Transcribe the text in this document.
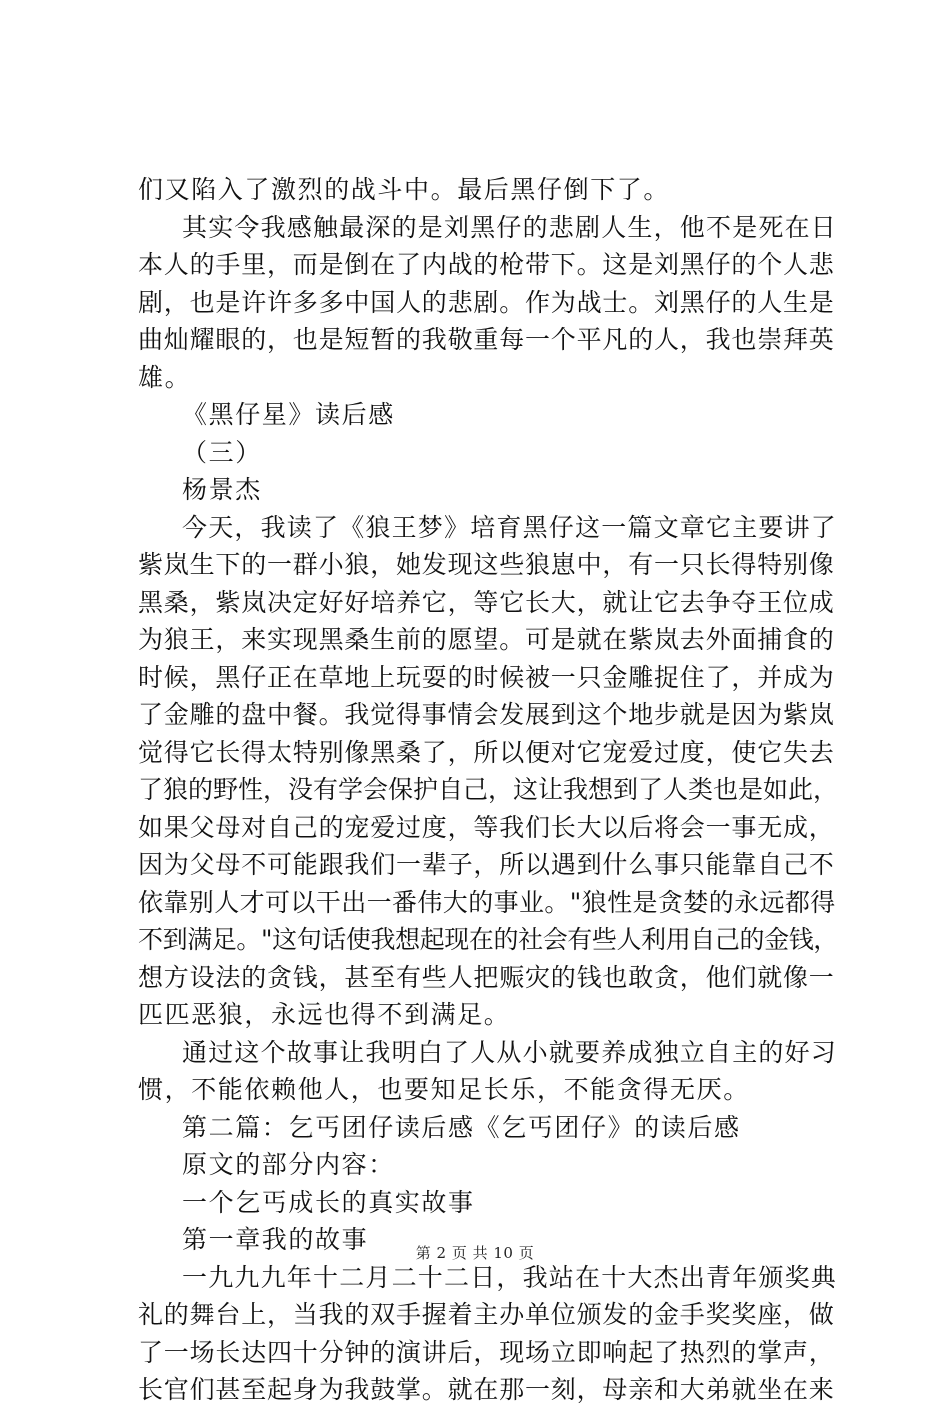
们又陷入了激烈的战斗中。最后黑仔倒下了。
其实令我感触最深的是刘黑仔的悲剧人生，他不是死在日
本人的手里，而是倒在了内战的枪带下。这是刘黑仔的个人悲
剧，也是许许多多中国人的悲剧。作为战士。刘黑仔的人生是
曲灿耀眼的，也是短暂的我敬重每一个平凡的人，我也崇拜英
雄。
《黑仔星》读后感
（三）
杨景杰
今天，我读了《狼王梦》培育黑仔这一篇文章它主要讲了
紫岚生下的一群小狼，她发现这些狼崽中，有一只长得特别像
黑桑，紫岚决定好好培养它，等它长大，就让它去争夺王位成
为狼王，来实现黑桑生前的愿望。可是就在紫岚去外面捕食的
时候，黑仔正在草地上玩耍的时候被一只金雕捉住了，并成为
了金雕的盘中餐。我觉得事情会发展到这个地步就是因为紫岚
觉得它长得太特别像黑桑了，所以便对它宠爱过度，使它失去
了狼的野性，没有学会保护自己，这让我想到了人类也是如此，
如果父母对自己的宠爱过度，等我们长大以后将会一事无成，
因为父母不可能跟我们一辈子，所以遇到什么事只能靠自己不
依靠别人才可以干出一番伟大的事业。"狼性是贪婪的永远都得
不到满足。"这句话使我想起现在的社会有些人利用自己的金钱，
想方设法的贪钱，甚至有些人把赈灾的钱也敢贪，他们就像一
匹匹恶狼，永远也得不到满足。
通过这个故事让我明白了人从小就要养成独立自主的好习
惯，不能依赖他人，也要知足长乐，不能贪得无厌。
第二篇：乞丐团仔读后感《乞丐团仔》的读后感
原文的部分内容：
一个乞丐成长的真实故事
第一章我的故事
一九九九年十二月二十二日，我站在十大杰出青年颁奖典
礼的舞台上，当我的双手握着主办单位颁发的金手奖奖座，做
了一场长达四十分钟的演讲后，现场立即响起了热烈的掌声，
长官们甚至起身为我鼓掌。就在那一刻，母亲和大弟就坐在来
第 2 页 共 10 页
